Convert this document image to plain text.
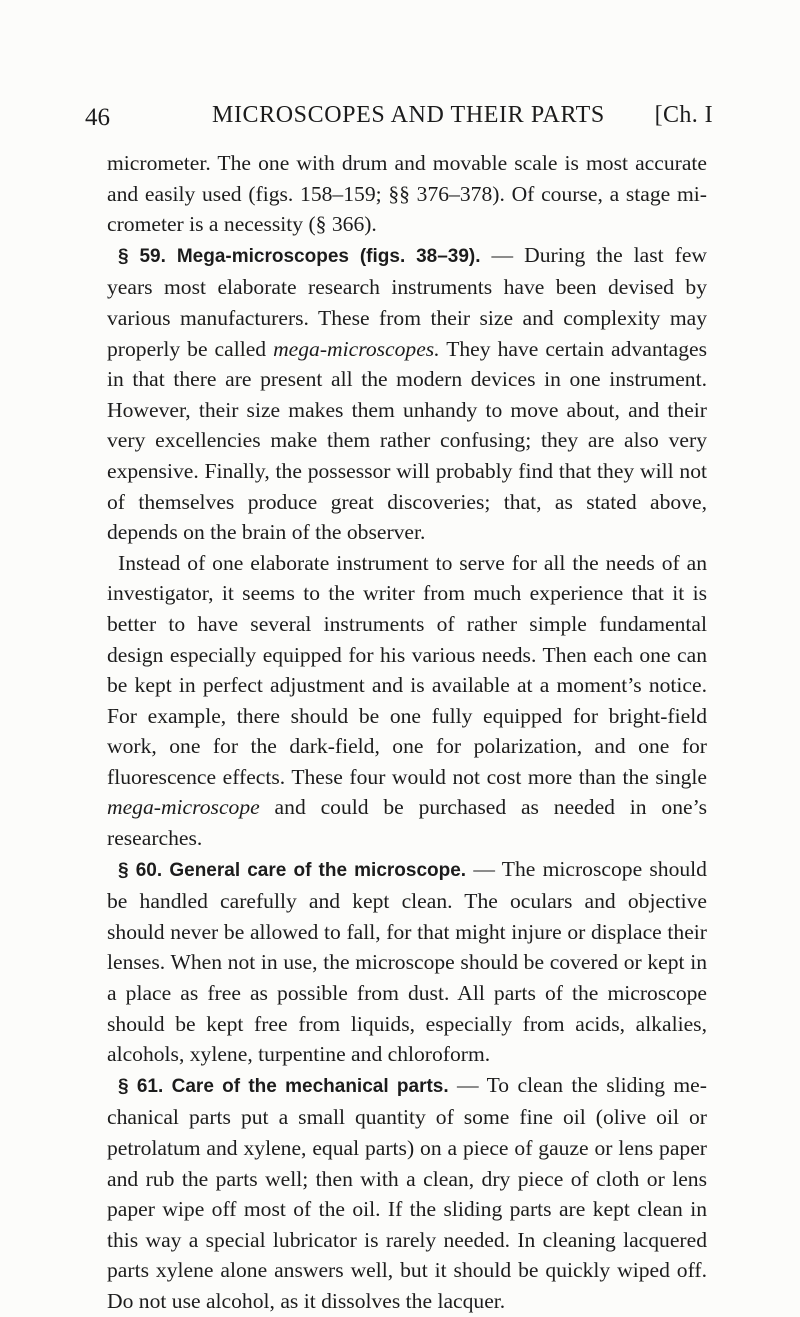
46	MICROSCOPES AND THEIR PARTS [Ch. I

micrometer. The one with drum and movable scale is most accurate and easily used (figs. 158–159; §§ 376–378). Of course, a stage micrometer is a necessity (§ 366).

§ 59. Mega-microscopes (figs. 38–39). — During the last few years most elaborate research instruments have been devised by various manufacturers. These from their size and complexity may properly be called mega-microscopes. They have certain advantages in that there are present all the modern devices in one instrument. However, their size makes them unhandy to move about, and their very excellencies make them rather confusing; they are also very expensive. Finally, the possessor will probably find that they will not of themselves produce great discoveries; that, as stated above, depends on the brain of the observer.

Instead of one elaborate instrument to serve for all the needs of an investigator, it seems to the writer from much experience that it is better to have several instruments of rather simple fundamental design especially equipped for his various needs. Then each one can be kept in perfect adjustment and is available at a moment’s notice. For example, there should be one fully equipped for bright-field work, one for the dark-field, one for polarization, and one for fluorescence effects. These four would not cost more than the single mega-microscope and could be purchased as needed in one’s researches.

§ 60. General care of the microscope. — The microscope should be handled carefully and kept clean. The oculars and objective should never be allowed to fall, for that might injure or displace their lenses. When not in use, the microscope should be covered or kept in a place as free as possible from dust. All parts of the microscope should be kept free from liquids, especially from acids, alkalies, alcohols, xylene, turpentine and chloroform.

§ 61. Care of the mechanical parts. — To clean the sliding mechanical parts put a small quantity of some fine oil (olive oil or petrolatum and xylene, equal parts) on a piece of gauze or lens paper and rub the parts well; then with a clean, dry piece of cloth or lens paper wipe off most of the oil. If the sliding parts are kept clean in this way a special lubricator is rarely needed. In cleaning lacquered parts xylene alone answers well, but it should be quickly wiped off. Do not use alcohol, as it dissolves the lacquer.
